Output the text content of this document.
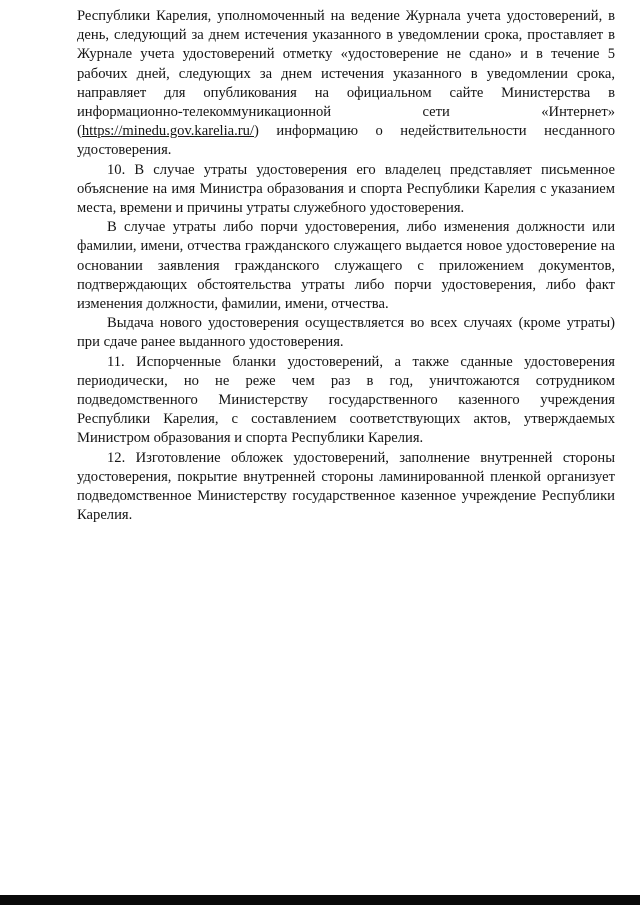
Республики Карелия, уполномоченный на ведение Журнала учета удостоверений, в день, следующий за днем истечения указанного в уведомлении срока, проставляет в Журнале учета удостоверений отметку «удостоверение не сдано» и в течение 5 рабочих дней, следующих за днем истечения указанного в уведомлении срока, направляет для опубликования на официальном сайте Министерства в информационно-телекоммуникационной сети «Интернет» (https://minedu.gov.karelia.ru/) информацию о недействительности несданного удостоверения.

10. В случае утраты удостоверения его владелец представляет письменное объяснение на имя Министра образования и спорта Республики Карелия с указанием места, времени и причины утраты служебного удостоверения.

В случае утраты либо порчи удостоверения, либо изменения должности или фамилии, имени, отчества гражданского служащего выдается новое удостоверение на основании заявления гражданского служащего с приложением документов, подтверждающих обстоятельства утраты либо порчи удостоверения, либо факт изменения должности, фамилии, имени, отчества.

Выдача нового удостоверения осуществляется во всех случаях (кроме утраты) при сдаче ранее выданного удостоверения.

11. Испорченные бланки удостоверений, а также сданные удостоверения периодически, но не реже чем раз в год, уничтожаются сотрудником подведомственного Министерству государственного казенного учреждения Республики Карелия, с составлением соответствующих актов, утверждаемых Министром образования и спорта Республики Карелия.

12. Изготовление обложек удостоверений, заполнение внутренней стороны удостоверения, покрытие внутренней стороны ламинированной пленкой организует подведомственное Министерству государственное казенное учреждение Республики Карелия.
